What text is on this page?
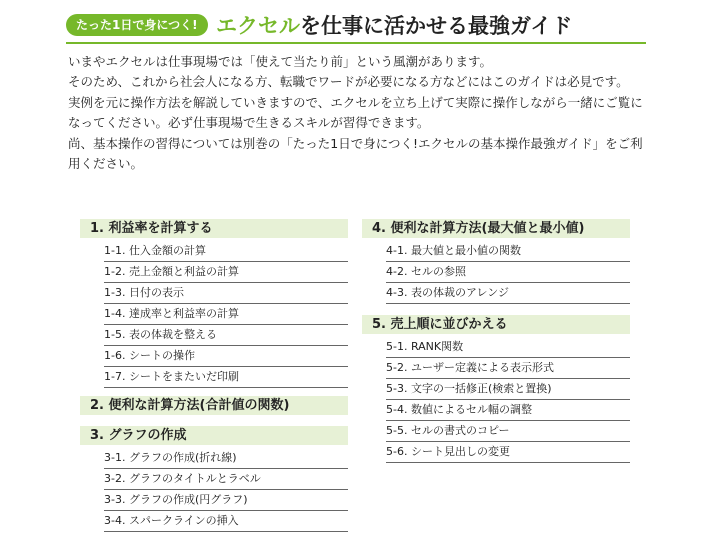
たった1日で身につく! エクセルを仕事に活かせる最強ガイド

いまやエクセルは仕事現場では「使えて当たり前」という風潮があります。

そのため、これから社会人になる方、転職でワードが必要になる方などにはこのガイドは必見です。

実例を元に操作方法を解説していきますので、エクセルを立ち上げて実際に操作しながら一緒にご覧に

なってください。必ず仕事現場で生きるスキルが習得できます。

尚、基本操作の習得については別巻の「たった1日で身につく!エクセルの基本操作最強ガイド」をご利

用ください。

1. 利益率を計算する
1-1. 仕入金額の計算
1-2. 売上金額と利益の計算
1-3. 日付の表示
1-4. 達成率と利益率の計算
1-5. 表の体裁を整える
1-6. シートの操作
1-7. シートをまたいだ印刷
2. 便利な計算方法(合計値の関数)
3. グラフの作成
3-1. グラフの作成(折れ線)
3-2. グラフのタイトルとラベル
3-3. グラフの作成(円グラフ)
3-4. スパークラインの挿入
4. 便利な計算方法(最大値と最小値)
4-1. 最大値と最小値の関数
4-2. セルの参照
4-3. 表の体裁のアレンジ
5. 売上順に並びかえる
5-1. RANK関数
5-2. ユーザー定義による表示形式
5-3. 文字の一括修正(検索と置換)
5-4. 数値によるセル幅の調整
5-5. セルの書式のコピー
5-6. シート見出しの変更
